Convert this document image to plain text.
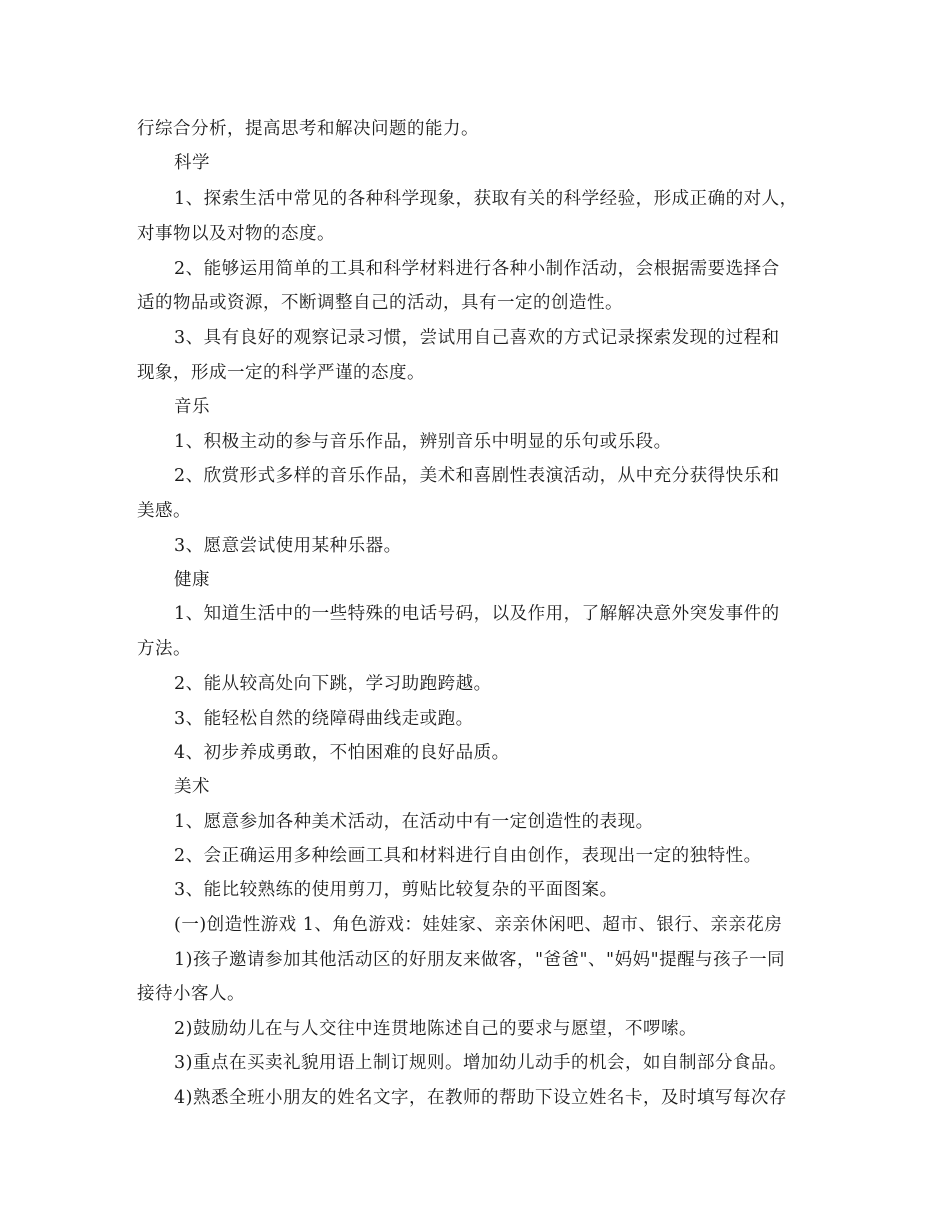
行综合分析，提高思考和解决问题的能力。
科学
1、探索生活中常见的各种科学现象，获取有关的科学经验，形成正确的对人，
对事物以及对物的态度。
2、能够运用简单的工具和科学材料进行各种小制作活动，会根据需要选择合
适的物品或资源，不断调整自己的活动，具有一定的创造性。
3、具有良好的观察记录习惯，尝试用自己喜欢的方式记录探索发现的过程和
现象，形成一定的科学严谨的态度。
音乐
1、积极主动的参与音乐作品，辨别音乐中明显的乐句或乐段。
2、欣赏形式多样的音乐作品，美术和喜剧性表演活动，从中充分获得快乐和
美感。
3、愿意尝试使用某种乐器。
健康
1、知道生活中的一些特殊的电话号码，以及作用，了解解决意外突发事件的
方法。
2、能从较高处向下跳，学习助跑跨越。
3、能轻松自然的绕障碍曲线走或跑。
4、初步养成勇敢，不怕困难的良好品质。
美术
1、愿意参加各种美术活动，在活动中有一定创造性的表现。
2、会正确运用多种绘画工具和材料进行自由创作，表现出一定的独特性。
3、能比较熟练的使用剪刀，剪贴比较复杂的平面图案。
(一)创造性游戏 1、角色游戏：娃娃家、亲亲休闲吧、超市、银行、亲亲花房
1)孩子邀请参加其他活动区的好朋友来做客，"爸爸"、"妈妈"提醒与孩子一同
接待小客人。
2)鼓励幼儿在与人交往中连贯地陈述自己的要求与愿望，不啰嗦。
3)重点在买卖礼貌用语上制订规则。增加幼儿动手的机会，如自制部分食品。
4)熟悉全班小朋友的姓名文字，在教师的帮助下设立姓名卡，及时填写每次存
